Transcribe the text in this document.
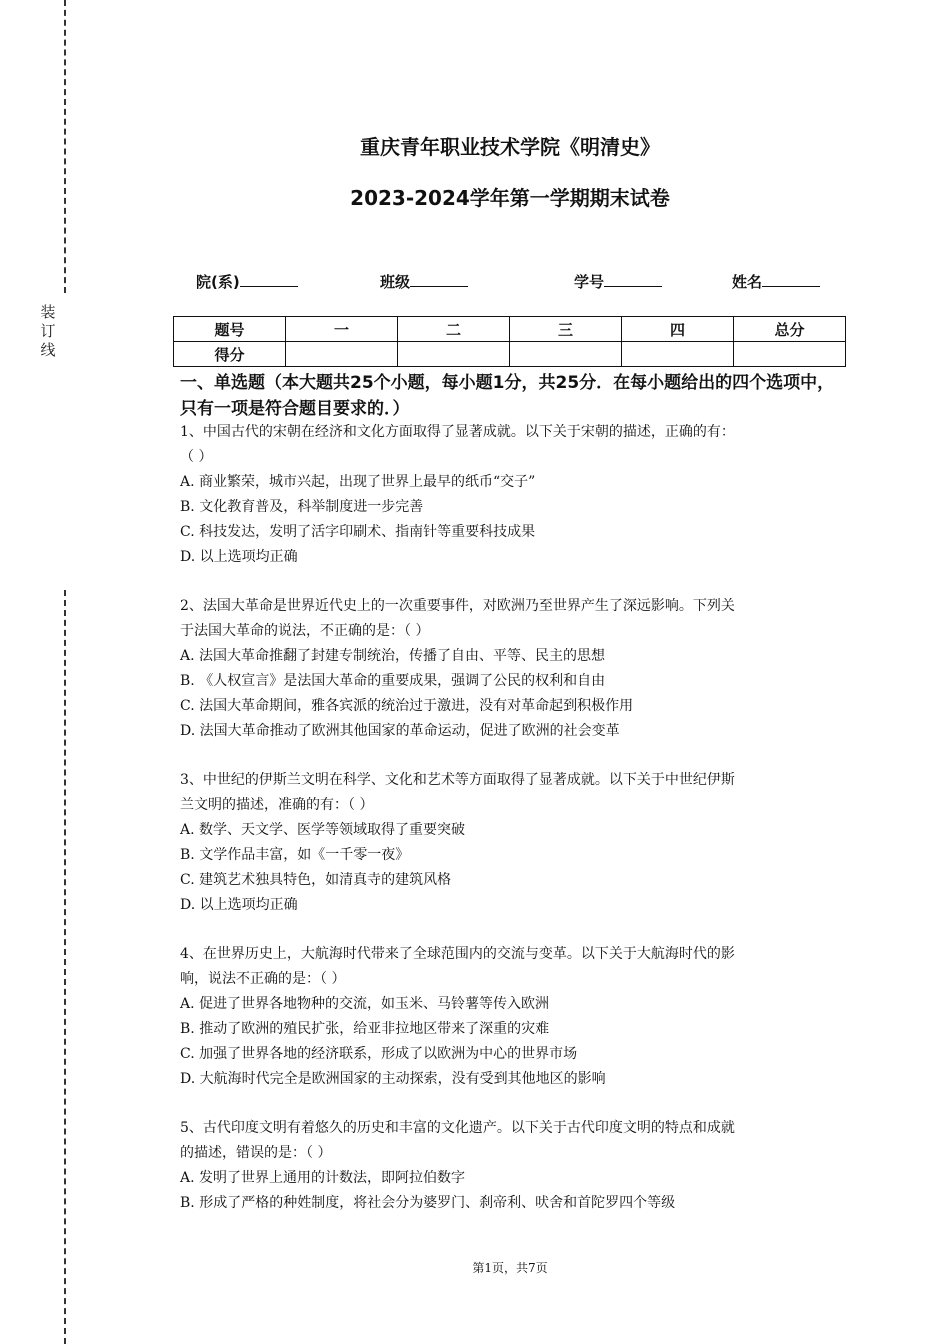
装订线
重庆青年职业技术学院《明清史》
2023-2024学年第一学期期末试卷
院(系)	班级	学号	姓名
题号	一	二	三	四	总分
得分					
一、单选题（本大题共25个小题，每小题1分，共25分．在每小题给出的四个选项中，只有一项是符合题目要求的．）

1、中国古代的宋朝在经济和文化方面取得了显著成就。以下关于宋朝的描述，正确的有：

（ ）

A. 商业繁荣，城市兴起，出现了世界上最早的纸币“交子”

B. 文化教育普及，科举制度进一步完善

C. 科技发达，发明了活字印刷术、指南针等重要科技成果

D. 以上选项均正确

2、法国大革命是世界近代史上的一次重要事件，对欧洲乃至世界产生了深远影响。下列关

于法国大革命的说法，不正确的是：（ ）

A. 法国大革命推翻了封建专制统治，传播了自由、平等、民主的思想

B. 《人权宣言》是法国大革命的重要成果，强调了公民的权利和自由

C. 法国大革命期间，雅各宾派的统治过于激进，没有对革命起到积极作用

D. 法国大革命推动了欧洲其他国家的革命运动，促进了欧洲的社会变革

3、中世纪的伊斯兰文明在科学、文化和艺术等方面取得了显著成就。以下关于中世纪伊斯

兰文明的描述，准确的有：（ ）

A. 数学、天文学、医学等领域取得了重要突破

B. 文学作品丰富，如《一千零一夜》

C. 建筑艺术独具特色，如清真寺的建筑风格

D. 以上选项均正确

4、在世界历史上，大航海时代带来了全球范围内的交流与变革。以下关于大航海时代的影

响，说法不正确的是：（ ）

A. 促进了世界各地物种的交流，如玉米、马铃薯等传入欧洲

B. 推动了欧洲的殖民扩张，给亚非拉地区带来了深重的灾难

C. 加强了世界各地的经济联系，形成了以欧洲为中心的世界市场

D. 大航海时代完全是欧洲国家的主动探索，没有受到其他地区的影响

5、古代印度文明有着悠久的历史和丰富的文化遗产。以下关于古代印度文明的特点和成就

的描述，错误的是：（ ）

A. 发明了世界上通用的计数法，即阿拉伯数字

B. 形成了严格的种姓制度，将社会分为婆罗门、刹帝利、吠舍和首陀罗四个等级

第1页，共7页
